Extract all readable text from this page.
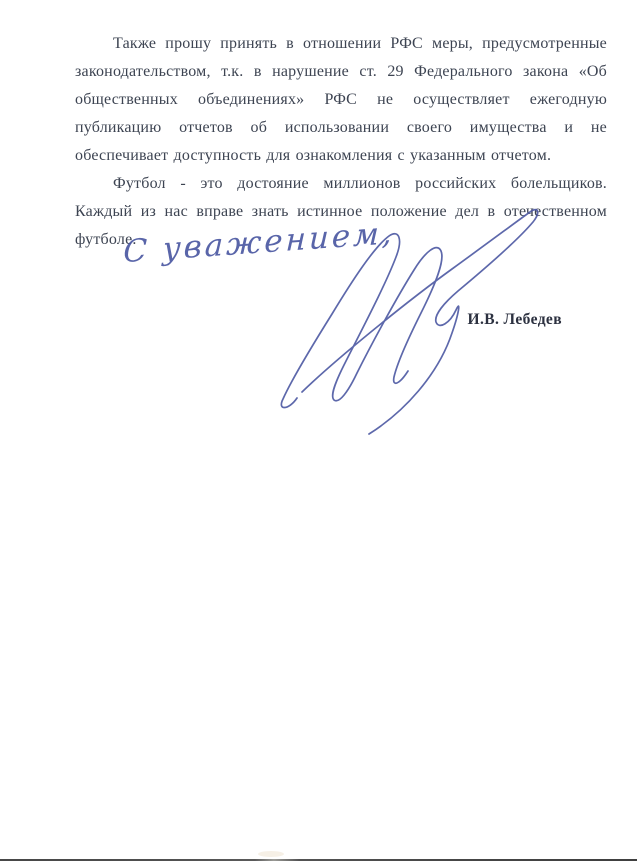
Также прошу принять в отношении РФС меры, предусмотренные законодательством, т.к. в нарушение ст. 29 Федерального закона «Об общественных объединениях» РФС не осуществляет ежегодную публикацию отчетов об использовании своего имущества и не обеспечивает доступность для ознакомления с указанным отчетом.

Футбол - это достояние миллионов российских болельщиков. Каждый из нас вправе знать истинное положение дел в отечественном футболе.

С уважением,
И.В. Лебедев
